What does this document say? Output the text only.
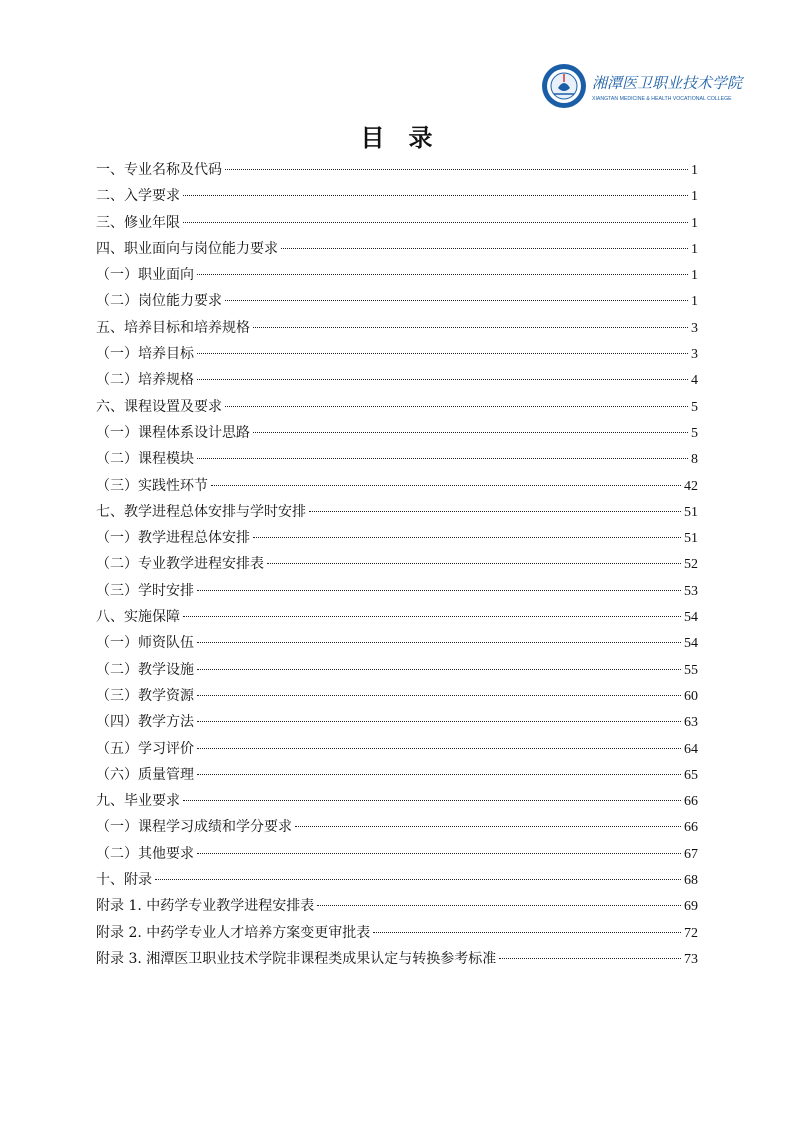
湘潭医卫职业技术学院
XIANGTAN MEDICINE & HEALTH VOCATIONAL COLLEGE
目录
一、专业名称及代码	1
二、入学要求	1
三、修业年限	1
四、职业面向与岗位能力要求	1
（一）职业面向	1
（二）岗位能力要求	1
五、培养目标和培养规格	3
（一）培养目标	3
（二）培养规格	4
六、课程设置及要求	5
（一）课程体系设计思路	5
（二）课程模块	8
（三）实践性环节	42
七、教学进程总体安排与学时安排	51
（一）教学进程总体安排	51
（二）专业教学进程安排表	52
（三）学时安排	53
八、实施保障	54
（一）师资队伍	54
（二）教学设施	55
（三）教学资源	60
（四）教学方法	63
（五）学习评价	64
（六）质量管理	65
九、毕业要求	66
（一）课程学习成绩和学分要求	66
（二）其他要求	67
十、附录	68
附录 1. 中药学专业教学进程安排表	69
附录 2. 中药学专业人才培养方案变更审批表	72
附录 3. 湘潭医卫职业技术学院非课程类成果认定与转换参考标准	73
